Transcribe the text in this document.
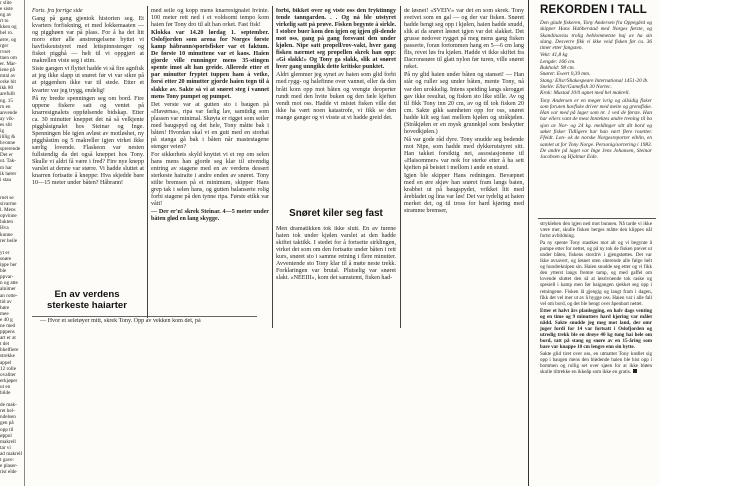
r slite
e siste
ng av
rt to
kken og
hel ro.
ørre, og
rger
rvset
tnen om
er. Mar-
iene på
mtal av
orke hit
ikk 80
arefullt
ng. 15
rn en
anvende
ay vik-
es slit
ig
ililig &
hvonne
sprerende
Det er
ut. Tak-
m har
ik hører
i stau

rnet se
sivarme
l. Mens
opvinne
lukten
Hva
kunne
rer heile

yt er
snøre
ippe her
ble
ppvar-
n og atte
alnimer
an rotte-
tid av
høre
mee
e 40 g
ne med
pppens
art er at
t det
hhelfiere
strekke
appel
12 rolle
ovaliter
erkjøper
ut en
bilde

de mak-
ret hel-
ndelsen
gen på
opp til
øppol
makrell
tar vi
ad makrell
t gave:
e plaser-
rist elde

Forts. fra forrige side

Gang på gang gjentok historien seg. Et kvarters forfiskning, et med lokkemaaten — og pigghøen var på plass. For å ha det litt moro etter alle anstrengelsene byttet vi havfiskeutstyret med lettspinnstenger og fisket pigghå — helt til vi oppgjørt at makrellen viste seg i stim.

Siste gangen vi flyttet hadde vi så fire agnfisk at jeg ikke slapp ut snøret før vi var sikre på at piggenhen ikke var til stede. Etter et kvarter var jeg trygg, endelig!

På ny bredte spenningen seg om bord. Fire uppene fiskere satt og ventet på knarresignalets oppfølsende bidskap. Etter ca. 30 minutter kneppet det nå så velkjente piggbåsignalet hos Steinar og Inge. Spenningen ble igjen avløst av motløshet, ny piggbåstim og 5 makreller igjen virket ikke særlig lovende. Flaskeon var nesten fullstendig da det også kneppet hos Tony. Skulle vi aldri få være i fred? Fire nye knepp varslet at denne var større. Vi hadde sluttet at knarren fortsatte å kneppe: Hva skjedde bare 10—15 meter under båten? Håbrann!

En av verdens
sterkeste haiarter

— Hvor et seletøyer mitt, skrek Tony. Opp av vekken kom det, på

med seile og kopp mens knarresignalet hvinte. 100 meter rett ned i et voldsomt tempo kom haien før Tony dro til alt han orket. Fast fisk!

Klokka var 14.20 lørdag 1. september. Oslofjorden som arena for Norges første kamp håbrann/sportsfisker var et faktum. De første 10 minuttene var et kaos. Haien gjorde ville runninger mens 35-stingen spente imot alt han greide. Allerede etter et par minutter fryptet tuppen ham å vetke, forsi etter 20 minutter gjorde haien tegn til å slakke av. Sakte så vi at snøret steg i vannet mens Tony pumpet og pumpet.

Det verste var at gutten sto i baugen på «Havørna», ripa var farlig lav, samtidig som plassen var minimal. Skøyta er rigget som seiler med baugspyd og det hele, Tony måtte bak i båten! Hvordan skal vi en gutt med en storhai på stanga gå bak i båten når mastestagene stenger veien?

For sikkerhets skyld knyttet vi et rep om selen hans mens han gjorde seg klar til utvendig entring av stagene med en av verdens dessert sterkeste hairaite i andre enden av snøret. Tony stilte bremsen på et minimum, skipper Hans grep tak i selen hans, og gutten balanserte rolig forbi stagene på den tynne ripa. Første etikk var vått!

— Der er'n! skrek Steinar. 4—5 meter under båten glød en lang skygge.

forbi, bikket over og viste oss den fryktinngy tende tanngarden. . . Og nå ble utstyret virkelig satt på prøve. Fisken begynte å sirkle. I stobre buer kom den igjen og igjen gli-dende mot oss, gang på gang forsvant den under kjølen. Nipe satt propell/rov-vakt, hver gang fisken nærmet seg propellen skrek han opp: «Gi slakk!» Og Tony ga slakk, slik at snøret hver gang unngikk dette kritiske punktet.

Aldri glemmer jeg synet av haien som glid forbi med rygg- og halefinne over vannet, eller da den brått kom opp mot båten og vrengte deoperter rundt med den hvite buken og den fæle kjeften vendt mot oss. Hadde vi mistet fisken ville det ikke ha vært noen katastrofe, vi fikk se den mange ganger og vi visste at vi hadde greid det.

Snøret kiler seg fast

Men dramatikken tok ikke slutt. En av turene haien tok under kjølen varslet at den hadde skiftet taktikk. I stedet for å fortsette sirklingen, virket det som om den fortsatte under båten i rett kurs, snøret sto i samme retning i flere minutter. Avventende sto Tony klar til å møte neste trekk. Forklaringen var brutal. Plutselig var snøret slakt. «NEEIII», kom det samstemt, fisken had-

de løsnet! «SVEIV» var det en som skrek. Tony sveivet som en gal — og der var fisken. Snøret hadde hengt seg opp i kjølen, haien hadde snudd, slik at da snøret løsnet igjen var det slakket. Det grusse nedover rygget på meg mens gang fisken passerte, foran fortommen hang en 5—6 cm lang flis, revet løs fra kjølen. Hadde vi ikke skiftet fra Dacronsnøre til glatt nylon før turen, ville snøret røket.

På ny glid haien under båten og stanset! — Han står og ruller seg under båten, mente Tony, nå var den urokkelig. Intens speiding langs skrogget gav ikke resultat, og fisken sto like stille. Av og til fikk Tony inn 20 cm, av og til tok fisken 20 cm. Sakte gikk sannheten opp for oss, snøret hadde kilt seg fast mellom kjølen og stråkjølen. (Stråkjølen er en mysk grunnkjøl som beskytter hovedkjølen.)

Nå var gode råd dyre. Tony snudde seg bedende mot Nipe, som hadde med dykkerutstyret sitt. Han takket forsiktig nei, assosiasjonene til «Haisommer» var nok for sterke etter å ha sett kjeften på beistet i mellom i ande en stund.

Igjen ble skipper Hans redningen. Bevæpnet med en øre skjøv han snøret fram langs baten, krabbet ut på baugspydet, vrikket litt med årebladet og lina var løs! Det var tydelig at haien merket det, og til tross for hard kjøring med stramme bremser,

REKORDEN I TALL

Den glade fiskeren, Tony Andersen fra Oppegård og skipper Hans Habberstad med Norges første, og Skandinavias trolig beblommetste haj av ha sin slang. Desverre fikk vi ikke veid fisken før ca. 36 timer etter fangsten.

Vekt: 41,8 kg

Lengde: 166 cm.

Bukhold: 98 cm.

Snøret: Ewert 0,39 mm.

Stang: Ellsr/Shakespeare International 1451-20 lb.

Snelle: Ellsr/Gamefish 30 Nortec.

Krok: Mustad 10/0 agnet med hel makrell.

Tony Andersen er en meget ivrig og allsidig fisker som foruten havfiske driver med meite og grensfiske. Han var med på lager som nr. 1 ved de første. Han har ellers vant de mest Inntektes andre trening til ba sjon av Nor- og 24 kg. meldinger sitt dit bord og søket fisker Tidligere har han vært flere rosetter. Ffeidt. Lon- ok de norske Norgesreporter eiblin, en samlet ut for Tony Norge. Personig/sortering i 1983. De andre på laget var Inge Jens Johansen, Steinar Jacobsen og Hjalmar Eide.

stryklehen den igjen ned mot bunnen. Nå tarde vi ikke være mer, skulle fisken berges måtte den klippes nål fortst avbildning.

Pa ny spente Tony stastkes mot alt og vi begynte å pumpe etter for nettet, og på ny tok de fisken prevet ut under båten, fiskens stordriv i gjengstøttes. Det var ikke avsavert, og løsnet uten siterende alle følge helt og hundreknipen sin. Haien snudde seg etter og vi fikk den ytterst langs fremre tamp, og med gaffel om lovende sluttet den så at løsrivnende tok raske og spesiell i kamp men før haigangen sjekket seg opp i retningene. Fisken lå gjengig og langt fram i dagen, fikk det vel mer ut av å hygge oss. Haien var i alle fall vel om bord, og det ble hengt over åpenbart nettet.

Etter et halvt års planlegging, en halv dags venting og en time og 9 minutters hard kjøring var målet nådd. Sakte snudde jeg meg mot land, der omr juger fordi for 14 var fortsatt i Oslofjorden og utredig trekk ble en drøye 40 kg tung hai hele om bord, tatt på stang og snøre av en 15-åring som bare var knappe 10 cm lengre enn sin bytte.

Sakte glid tiret over oss, en utmattet Tony krøllet sig opp i baugen mens den blødende haien ble hist opp i bommen og rollig set over sjøen for at ikke bløen skulle tiltrekke en ikkeåp som ikke en gratis.
